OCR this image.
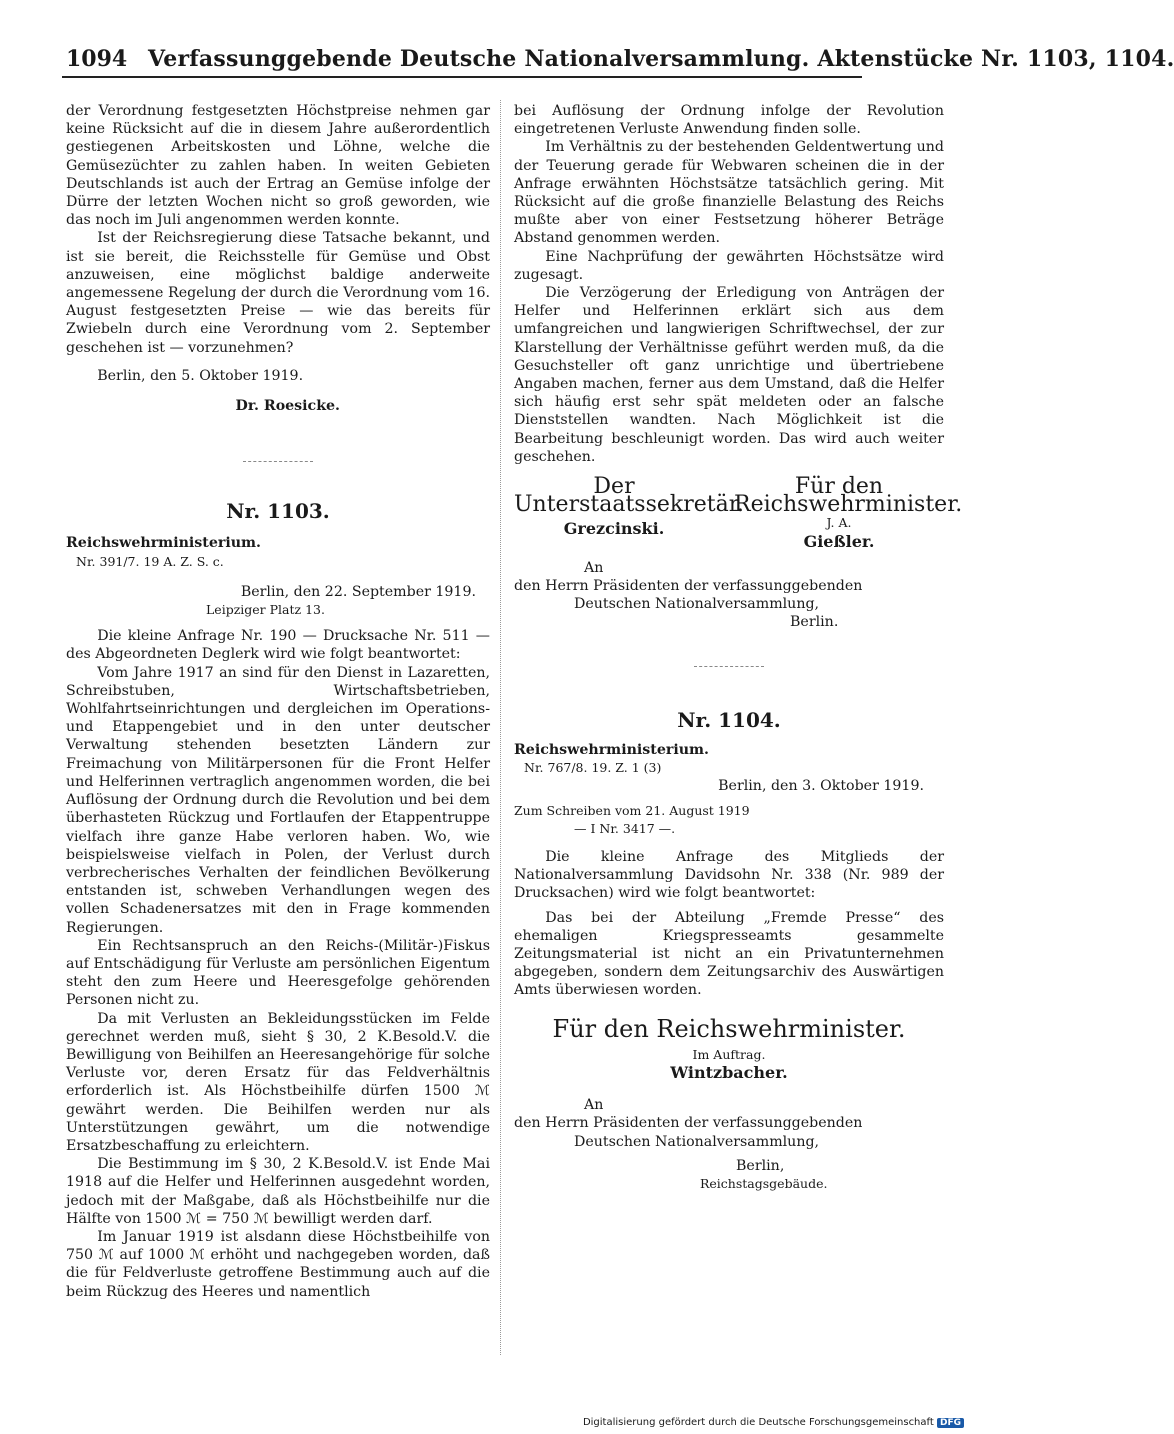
1094 Verfassunggebende Deutsche Nationalversammlung. Aktenstücke Nr. 1103, 1104.

der Verordnung festgesetzten Höchstpreise nehmen gar keine Rücksicht auf die in diesem Jahre außerordentlich gestiegenen Arbeitskosten und Löhne, welche die Gemüsezüchter zu zahlen haben. In weiten Gebieten Deutschlands ist auch der Ertrag an Gemüse infolge der Dürre der letzten Wochen nicht so groß geworden, wie das noch im Juli angenommen werden konnte.

Ist der Reichsregierung diese Tatsache bekannt, und ist sie bereit, die Reichsstelle für Gemüse und Obst anzuweisen, eine möglichst baldige anderweite angemessene Regelung der durch die Verordnung vom 16. August festgesetzten Preise — wie das bereits für Zwiebeln durch eine Verordnung vom 2. September geschehen ist — vorzunehmen?

Berlin, den 5. Oktober 1919.

Dr. Roesicke.
Nr. 1103.
Reichswehrministerium.
Nr. 391/7. 19 A. Z. S. c.
Berlin, den 22. September 1919.
Leipziger Platz 13.

Die kleine Anfrage Nr. 190 — Drucksache Nr. 511 — des Abgeordneten Deglerk wird wie folgt beantwortet:

Vom Jahre 1917 an sind für den Dienst in Lazaretten, Schreibstuben, Wirtschaftsbetrieben, Wohlfahrtseinrichtungen und dergleichen im Operations- und Etappengebiet und in den unter deutscher Verwaltung stehenden besetzten Ländern zur Freimachung von Militärpersonen für die Front Helfer und Helferinnen vertraglich angenommen worden, die bei Auflösung der Ordnung durch die Revolution und bei dem überhasteten Rückzug und Fortlaufen der Etappentruppe vielfach ihre ganze Habe verloren haben. Wo, wie beispielsweise vielfach in Polen, der Verlust durch verbrecherisches Verhalten der feindlichen Bevölkerung entstanden ist, schweben Verhandlungen wegen des vollen Schadenersatzes mit den in Frage kommenden Regierungen.

Ein Rechtsanspruch an den Reichs-(Militär-)Fiskus auf Entschädigung für Verluste am persönlichen Eigentum steht den zum Heere und Heeresgefolge gehörenden Personen nicht zu.

Da mit Verlusten an Bekleidungsstücken im Felde gerechnet werden muß, sieht § 30, 2 K.Besold.V. die Bewilligung von Beihilfen an Heeresangehörige für solche Verluste vor, deren Ersatz für das Feldverhältnis erforderlich ist. Als Höchstbeihilfe dürfen 1500 ℳ gewährt werden. Die Beihilfen werden nur als Unterstützungen gewährt, um die notwendige Ersatzbeschaffung zu erleichtern.

Die Bestimmung im § 30, 2 K.Besold.V. ist Ende Mai 1918 auf die Helfer und Helferinnen ausgedehnt worden, jedoch mit der Maßgabe, daß als Höchstbeihilfe nur die Hälfte von 1500 ℳ = 750 ℳ bewilligt werden darf.

Im Januar 1919 ist alsdann diese Höchstbeihilfe von 750 ℳ auf 1000 ℳ erhöht und nachgegeben worden, daß die für Feldverluste getroffene Bestimmung auch auf die beim Rückzug des Heeres und namentlich

bei Auflösung der Ordnung infolge der Revolution eingetretenen Verluste Anwendung finden solle.

Im Verhältnis zu der bestehenden Geldentwertung und der Teuerung gerade für Webwaren scheinen die in der Anfrage erwähnten Höchstsätze tatsächlich gering. Mit Rücksicht auf die große finanzielle Belastung des Reichs mußte aber von einer Festsetzung höherer Beträge Abstand genommen werden.

Eine Nachprüfung der gewährten Höchstsätze wird zugesagt.

Die Verzögerung der Erledigung von Anträgen der Helfer und Helferinnen erklärt sich aus dem umfangreichen und langwierigen Schriftwechsel, der zur Klarstellung der Verhältnisse geführt werden muß, da die Gesuchsteller oft ganz unrichtige und übertriebene Angaben machen, ferner aus dem Umstand, daß die Helfer sich häufig erst sehr spät meldeten oder an falsche Dienststellen wandten. Nach Möglichkeit ist die Bearbeitung beschleunigt worden. Das wird auch weiter geschehen.

Der
Unterstaatssekretär.
Grezcinski.
Für den
Reichswehrminister.
J. A.
Gießler.
An
den Herrn Präsidenten der verfassunggebenden
Deutschen Nationalversammlung,
Berlin.
Nr. 1104.
Reichswehrministerium.
Nr. 767/8. 19. Z. 1 (3)
Berlin, den 3. Oktober 1919.
Zum Schreiben vom 21. August 1919
— I Nr. 3417 —.

Die kleine Anfrage des Mitglieds der Nationalversammlung Davidsohn Nr. 338 (Nr. 989 der Drucksachen) wird wie folgt beantwortet:

Das bei der Abteilung „Fremde Presse“ des ehemaligen Kriegspresseamts gesammelte Zeitungsmaterial ist nicht an ein Privatunternehmen abgegeben, sondern dem Zeitungsarchiv des Auswärtigen Amts überwiesen worden.

Für den Reichswehrminister.
Im Auftrag.
Wintzbacher.
An
den Herrn Präsidenten der verfassunggebenden
Deutschen Nationalversammlung,
Berlin,
Reichstagsgebäude.
Digitalisierung gefördert durch die Deutsche Forschungsgemeinschaft DFG
